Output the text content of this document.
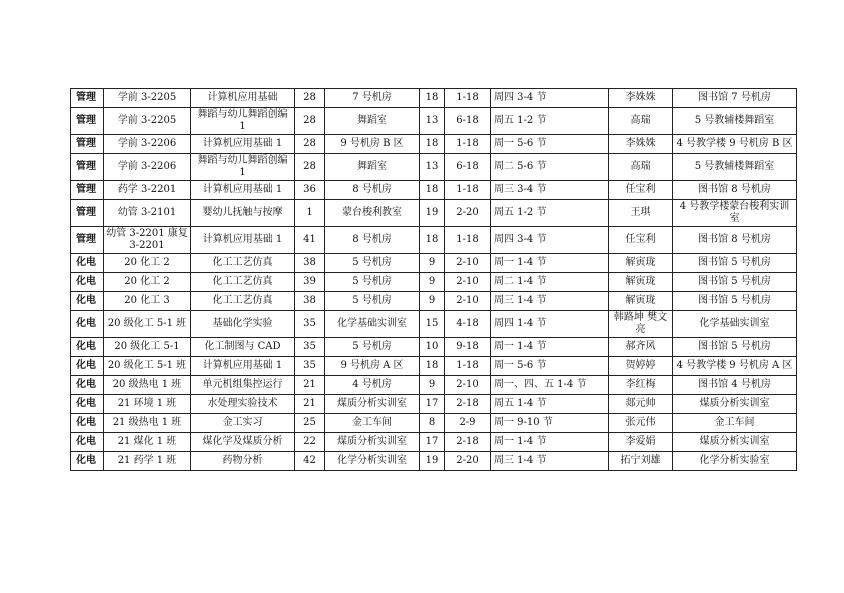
管理	学前 3-2205	计算机应用基础	28	7 号机房	18	1-18	周四 3-4 节	李姝姝	图书馆 7 号机房
管理	学前 3-2205	舞蹈与幼儿舞蹈创编 1	28	舞蹈室	13	6-18	周五 1-2 节	高瑞	5 号教辅楼舞蹈室
管理	学前 3-2206	计算机应用基础 1	28	9 号机房 B 区	18	1-18	周一 5-6 节	李姝姝	4 号教学楼 9 号机房 B 区
管理	学前 3-2206	舞蹈与幼儿舞蹈创编 1	28	舞蹈室	13	6-18	周二 5-6 节	高瑞	5 号教辅楼舞蹈室
管理	药学 3-2201	计算机应用基础 1	36	8 号机房	18	1-18	周三 3-4 节	任宝利	图书馆 8 号机房
管理	幼管 3-2101	婴幼儿抚触与按摩	1	蒙台梭利教室	19	2-20	周五 1-2 节	王琪	4 号教学楼蒙台梭利实训室
管理	幼管 3-2201 康复 3-2201	计算机应用基础 1	41	8 号机房	18	1-18	周四 3-4 节	任宝利	图书馆 8 号机房
化电	20 化工 2	化工工艺仿真	38	5 号机房	9	2-10	周一 1-4 节	解寅珑	图书馆 5 号机房
化电	20 化工 2	化工工艺仿真	39	5 号机房	9	2-10	周二 1-4 节	解寅珑	图书馆 5 号机房
化电	20 化工 3	化工工艺仿真	38	5 号机房	9	2-10	周三 1-4 节	解寅珑	图书馆 5 号机房
化电	20 级化工 5-1 班	基础化学实验	35	化学基础实训室	15	4-18	周四 1-4 节	韩路坤 樊文亮	化学基础实训室
化电	20 级化工 5-1	化工制图与 CAD	35	5 号机房	10	9-18	周一 1-4 节	郝齐风	图书馆 5 号机房
化电	20 级化工 5-1 班	计算机应用基础 1	35	9 号机房 A 区	18	1-18	周一 5-6 节	贺婷婷	4 号教学楼 9 号机房 A 区
化电	20 级热电 1 班	单元机组集控运行	21	4 号机房	9	2-10	周一、四、五 1-4 节	李红梅	图书馆 4 号机房
化电	21 环境 1 班	水处理实验技术	21	煤质分析实训室	17	2-18	周五 1-4 节	郯元帅	煤质分析实训室
化电	21 级热电 1 班	金工实习	25	金工车间	8	2-9	周一 9-10 节	张元伟	金工车间
化电	21 煤化 1 班	煤化学及煤质分析	22	煤质分析实训室	17	2-18	周一 1-4 节	李爱娟	煤质分析实训室
化电	21 药学 1 班	药物分析	42	化学分析实训室	19	2-20	周三 1-4 节	拓宁刘雄	化学分析实验室
